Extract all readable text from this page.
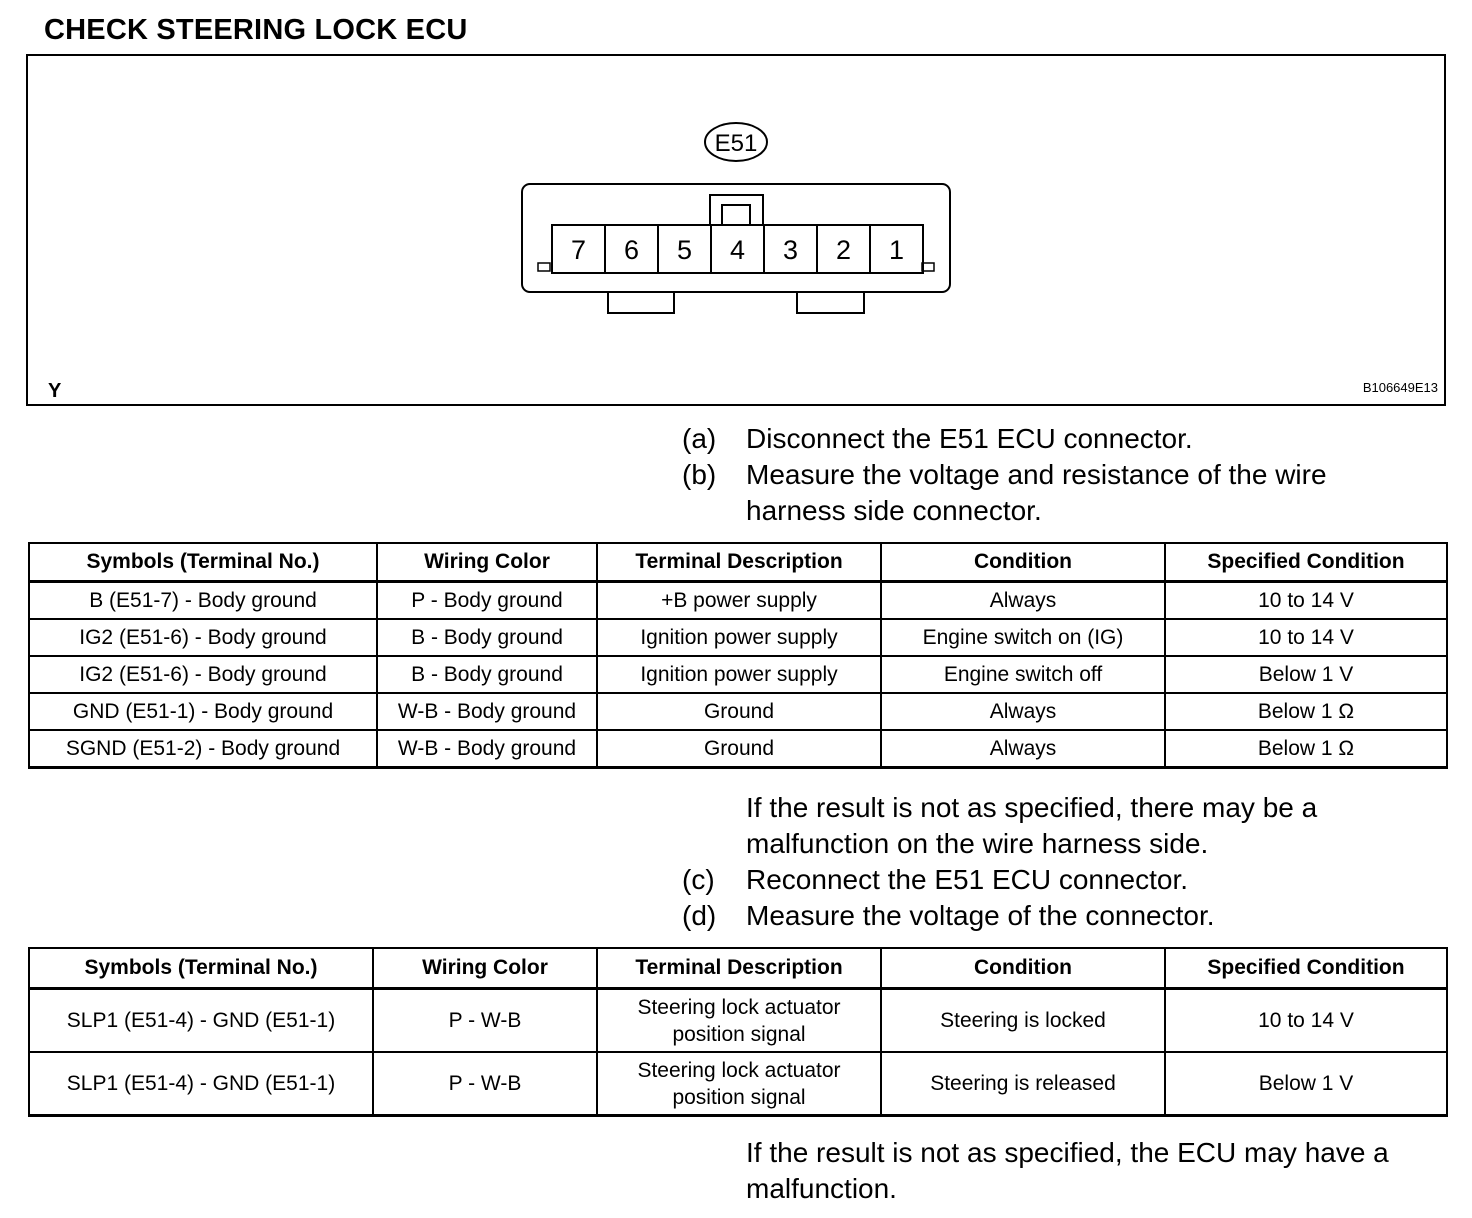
CHECK STEERING LOCK ECU
E51
7 6 5 4 3 2 1
Y	B106649E13
(a) Disconnect the E51 ECU connector.
(b) Measure the voltage and resistance of the wire
harness side connector.
Symbols (Terminal No.)	Wiring Color	Terminal Description	Condition	Specified Condition
B (E51-7) - Body ground	P - Body ground	+B power supply	Always	10 to 14 V
IG2 (E51-6) - Body ground	B - Body ground	Ignition power supply	Engine switch on (IG)	10 to 14 V
IG2 (E51-6) - Body ground	B - Body ground	Ignition power supply	Engine switch off	Below 1 V
GND (E51-1) - Body ground	W-B - Body ground	Ground	Always	Below 1 Ω
SGND (E51-2) - Body ground	W-B - Body ground	Ground	Always	Below 1 Ω
If the result is not as specified, there may be a
malfunction on the wire harness side.
(c) Reconnect the E51 ECU connector.
(d) Measure the voltage of the connector.
Symbols (Terminal No.)	Wiring Color	Terminal Description	Condition	Specified Condition
SLP1 (E51-4) - GND (E51-1)	P - W-B	Steering lock actuator position signal	Steering is locked	10 to 14 V
SLP1 (E51-4) - GND (E51-1)	P - W-B	Steering lock actuator position signal	Steering is released	Below 1 V
If the result is not as specified, the ECU may have a
malfunction.
